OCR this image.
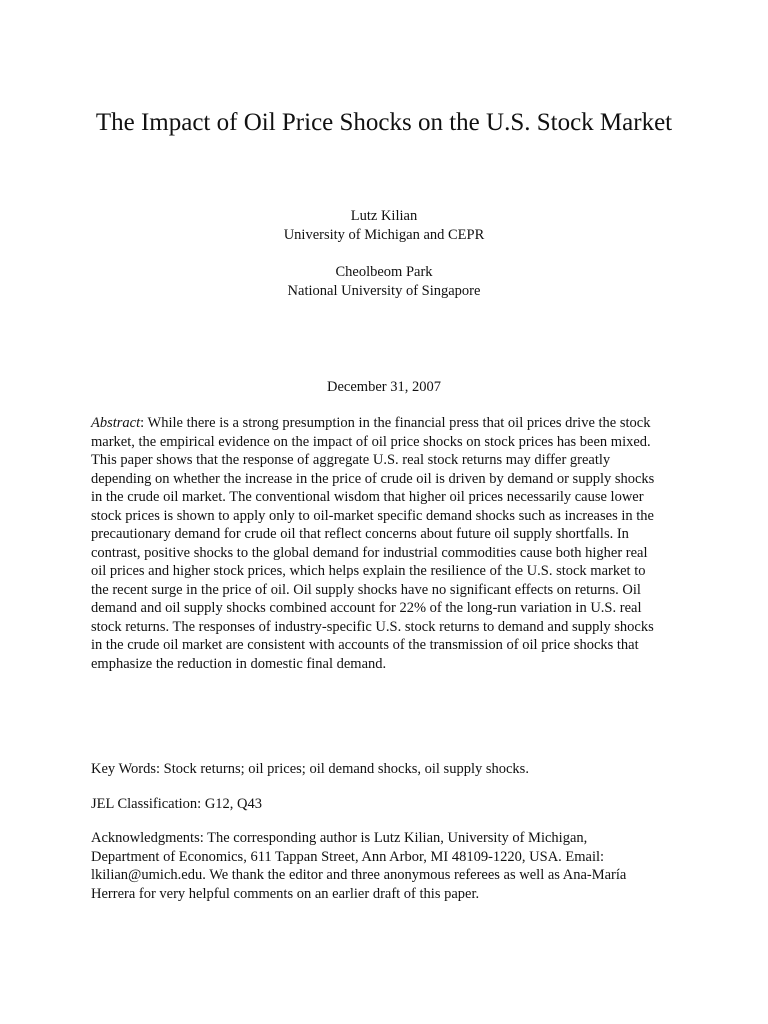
The Impact of Oil Price Shocks on the U.S. Stock Market
Lutz Kilian
University of Michigan and CEPR
Cheolbeom Park
National University of Singapore
December 31, 2007
Abstract: While there is a strong presumption in the financial press that oil prices drive the stock
market, the empirical evidence on the impact of oil price shocks on stock prices has been mixed.
This paper shows that the response of aggregate U.S. real stock returns may differ greatly
depending on whether the increase in the price of crude oil is driven by demand or supply shocks
in the crude oil market. The conventional wisdom that higher oil prices necessarily cause lower
stock prices is shown to apply only to oil-market specific demand shocks such as increases in the
precautionary demand for crude oil that reflect concerns about future oil supply shortfalls. In
contrast, positive shocks to the global demand for industrial commodities cause both higher real
oil prices and higher stock prices, which helps explain the resilience of the U.S. stock market to
the recent surge in the price of oil. Oil supply shocks have no significant effects on returns. Oil
demand and oil supply shocks combined account for 22% of the long-run variation in U.S. real
stock returns. The responses of industry-specific U.S. stock returns to demand and supply shocks
in the crude oil market are consistent with accounts of the transmission of oil price shocks that
emphasize the reduction in domestic final demand.
Key Words: Stock returns; oil prices; oil demand shocks, oil supply shocks.
JEL Classification: G12, Q43
Acknowledgments: The corresponding author is Lutz Kilian, University of Michigan,
Department of Economics, 611 Tappan Street, Ann Arbor, MI 48109-1220, USA. Email:
lkilian@umich.edu. We thank the editor and three anonymous referees as well as Ana-María
Herrera for very helpful comments on an earlier draft of this paper.
